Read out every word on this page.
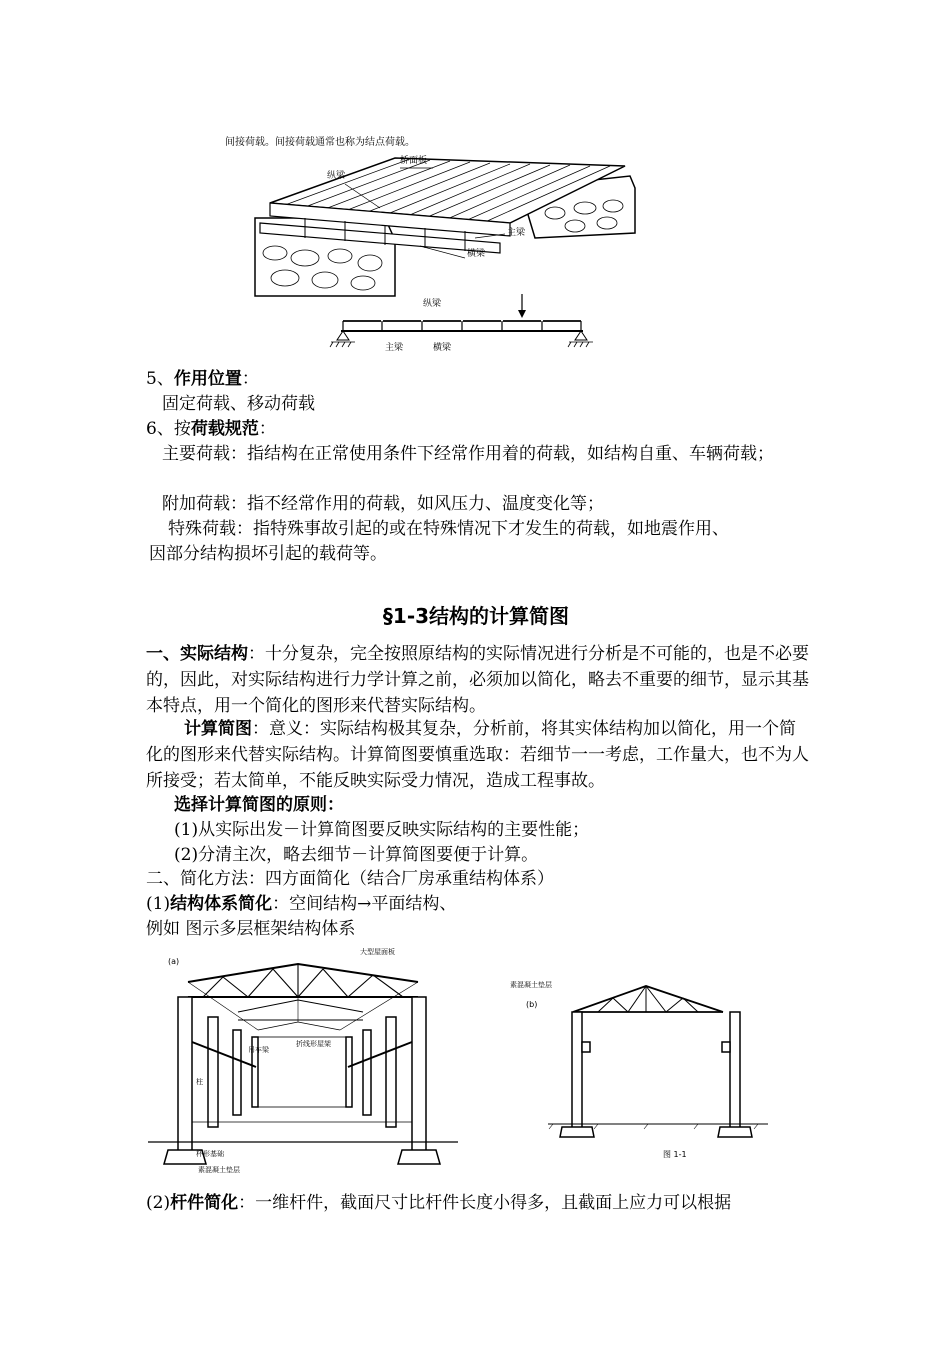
间接荷载。间接荷载通常也称为结点荷载。
桥面板
纵梁
主梁
横梁
纵梁
主梁	横梁
5、作用位置：
固定荷载、移动荷载
6、按荷载规范：
主要荷载：指结构在正常使用条件下经常作用着的荷载，如结构自重、车辆荷载；
附加荷载：指不经常作用的荷载，如风压力、温度变化等；
特殊荷载：指特殊事故引起的或在特殊情况下才发生的荷载，如地震作用、
因部分结构损坏引起的载荷等。
§1-3结构的计算简图
一、实际结构：十分复杂，完全按照原结构的实际情况进行分析是不可能的，也是不必要的，因此，对实际结构进行力学计算之前，必须加以简化，略去不重要的细节，显示其基本特点，用一个简化的图形来代替实际结构。
计算简图：意义：实际结构极其复杂，分析前，将其实体结构加以简化，用一个简化的图形来代替实际结构。计算简图要慎重选取：若细节一一考虑，工作量大，也不为人所接受；若太简单，不能反映实际受力情况，造成工程事故。
选择计算简图的原则：
(1)从实际出发－计算简图要反映实际结构的主要性能；
(2)分清主次，略去细节－计算简图要便于计算。
二、简化方法：四方面简化（结合厂房承重结构体系）
(1)结构体系简化：空间结构→平面结构、
例如 图示多层框架结构体系
(a)
大型屋面板
吊车梁
折线形屋架
柱
杯形基础
素混凝土垫层
素混凝土垫层
(b)
图 1-1
(2)杆件简化：一维杆件，截面尺寸比杆件长度小得多，且截面上应力可以根据
